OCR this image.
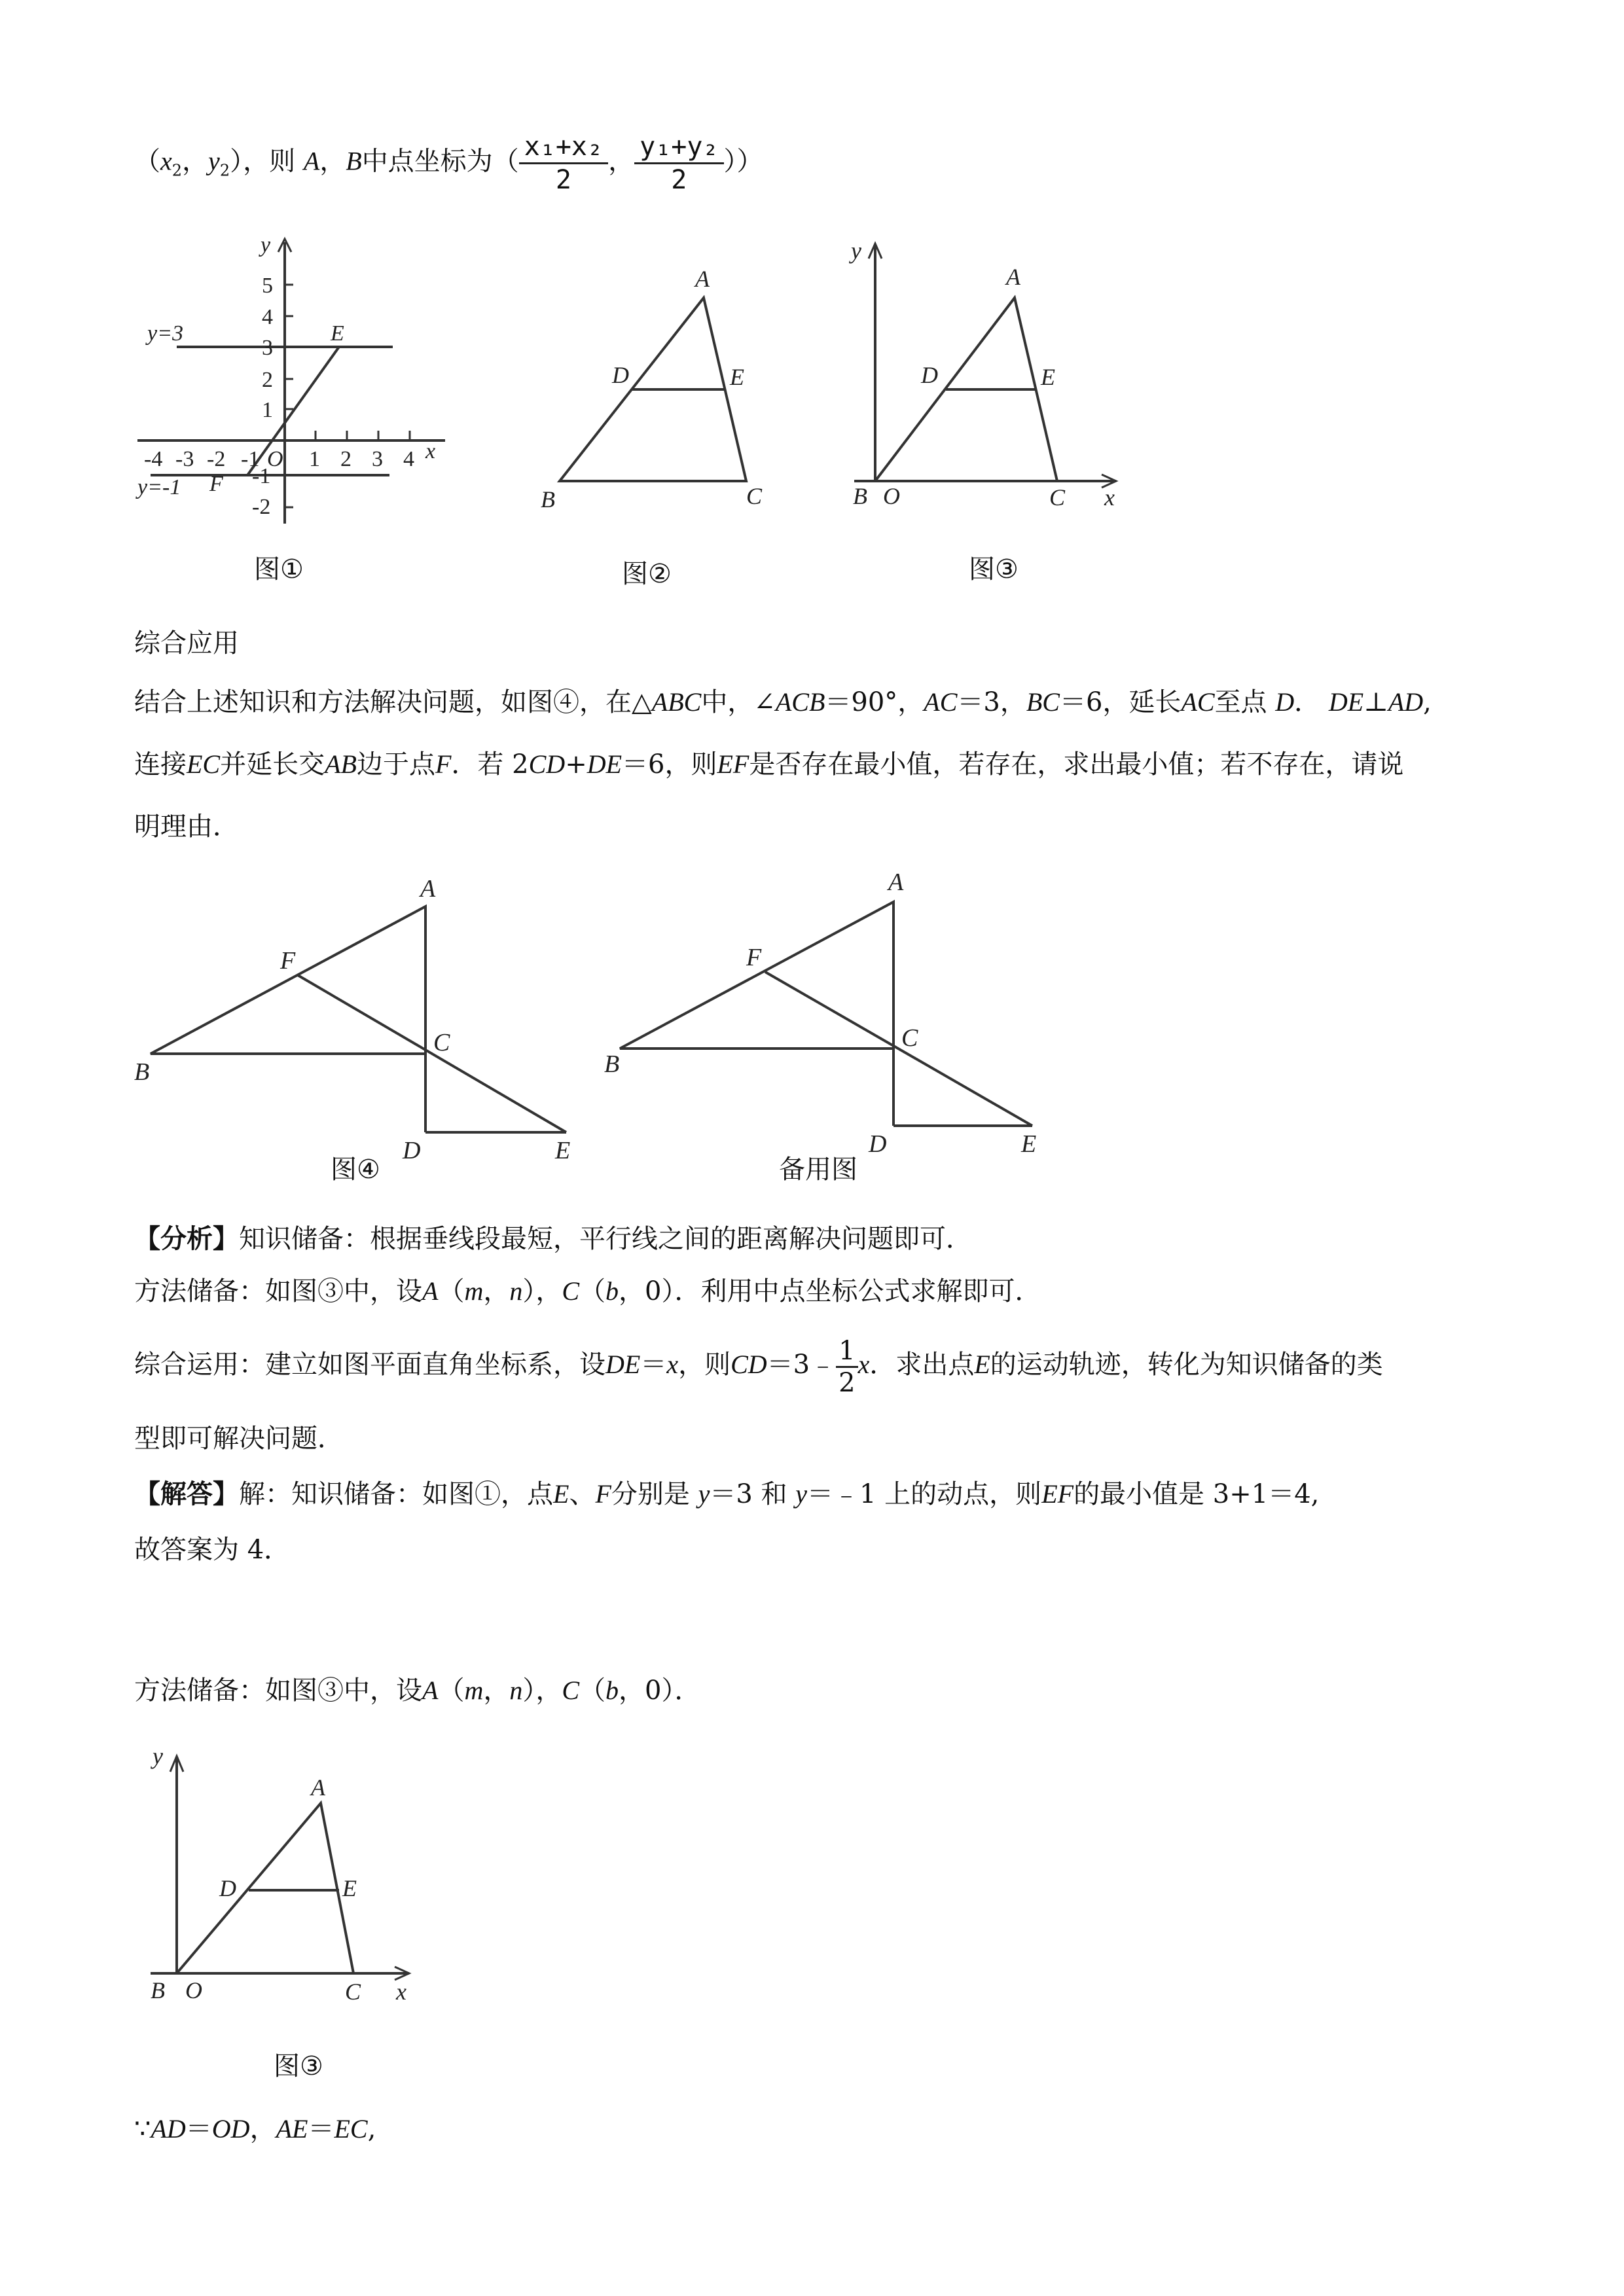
（$x_2$，$y_2$），则 A，B中点坐标为（ $\frac{\text{x₁+x₂}}{2}$ ， $\frac{\text{y₁+y₂}}{2}$ ））
y
x
5
4
3
2
1
-1
-2
-4 -3 -2 -1 O 1 2 3 4
y=3
y=-1
E
F
图①
A
B	C
D	E
图②
y
x
A
B O	C
D	E
图③
综合应用
结合上述知识和方法解决问题，如图④，在△ABC中，∠ACB＝90°，AC＝3，BC＝6，延长AC至点 D． DE⊥AD,
连接EC并延长交AB边于点F．若 2CD+DE＝6，则EF是否存在最小值，若存在，求出最小值；若不存在，请说
明理由．
A
B
C
D	E
F
图④
A
B
C
D	E
F
备用图
【分析】知识储备：根据垂线段最短，平行线之间的距离解决问题即可．
方法储备：如图③中，设A（m，n），C（b，0）．利用中点坐标公式求解即可．
综合运用：建立如图平面直角坐标系，设DE＝x，则CD＝3﹣ $\frac{1}{2}$ x．求出点E的运动轨迹，转化为知识储备的类
型即可解决问题．
【解答】解：知识储备：如图①，点E、F分别是 y＝3 和 y＝﹣1 上的动点，则EF的最小值是 3+1＝4,
故答案为 4．
方法储备：如图③中，设A（m，n），C（b，0）．
y
x
A
B O	C
D	E
图③
∵AD＝OD，AE＝EC,
